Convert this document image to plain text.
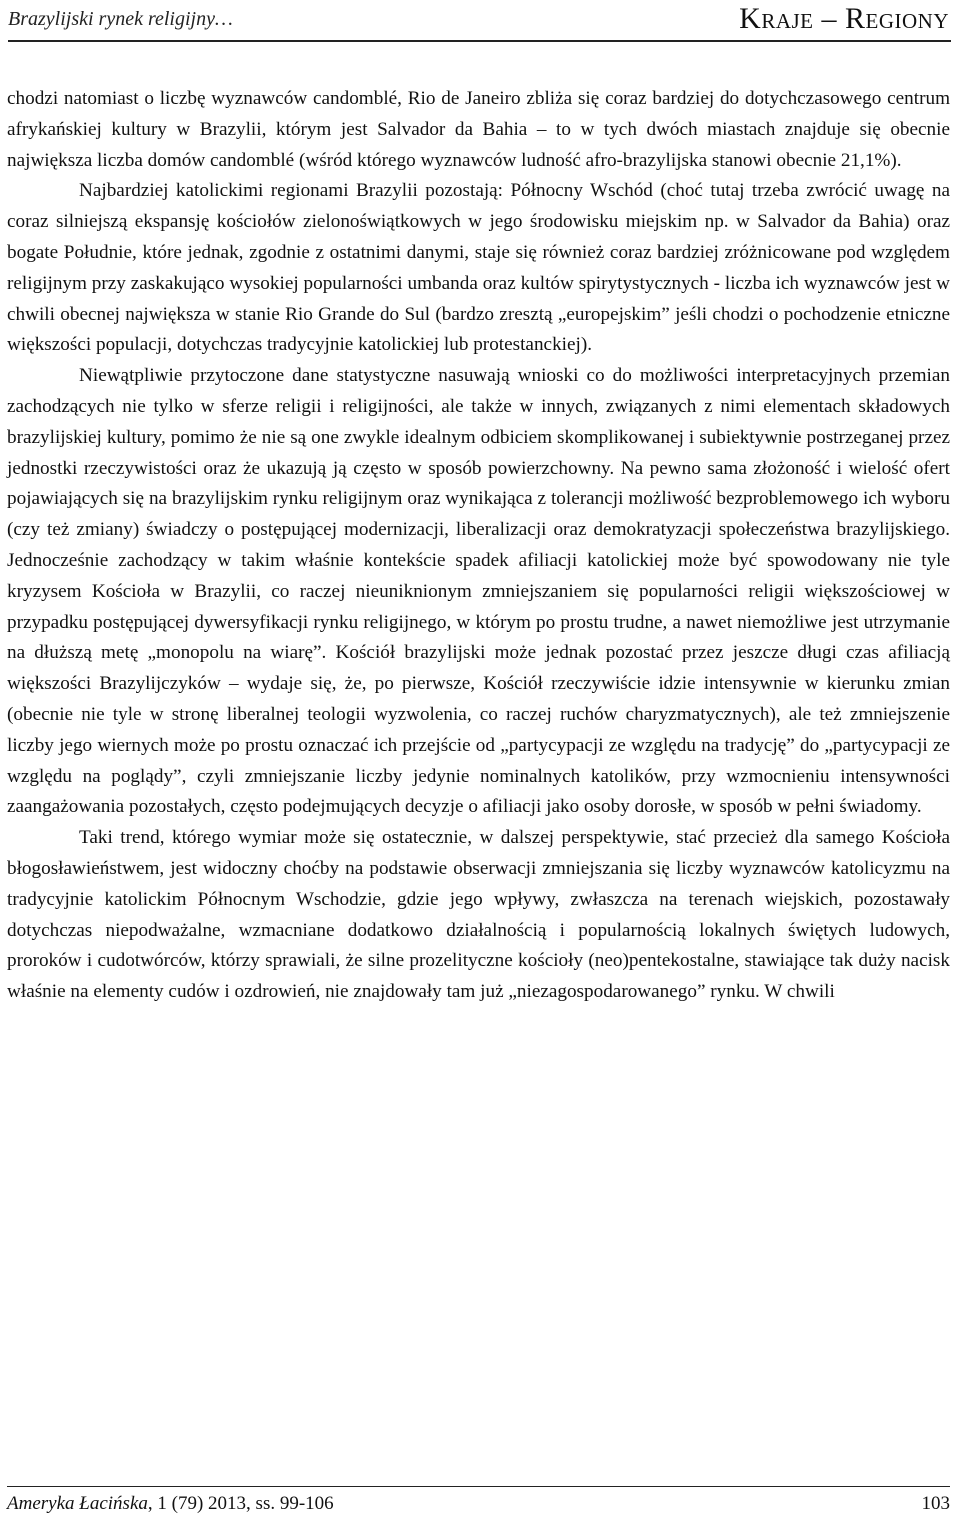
Brazylijski rynek religijny…	Kraje – Regiony

chodzi natomiast o liczbę wyznawców candomblé, Rio de Janeiro zbliża się coraz bardziej do dotychczasowego centrum afrykańskiej kultury w Brazylii, którym jest Salvador da Bahia – to w tych dwóch miastach znajduje się obecnie największa liczba domów candomblé (wśród którego wyznawców ludność afro-brazylijska stanowi obecnie 21,1%).

Najbardziej katolickimi regionami Brazylii pozostają: Północny Wschód (choć tutaj trzeba zwrócić uwagę na coraz silniejszą ekspansję kościołów zielonoświątkowych w jego środowisku miejskim np. w Salvador da Bahia) oraz bogate Południe, które jednak, zgodnie z ostatnimi danymi, staje się również coraz bardziej zróżnicowane pod względem religijnym przy zaskakująco wysokiej popularności umbanda oraz kultów spirytystycznych - liczba ich wyznawców jest w chwili obecnej największa w stanie Rio Grande do Sul (bardzo zresztą „europejskim” jeśli chodzi o pochodzenie etniczne większości populacji, dotychczas tradycyjnie katolickiej lub protestanckiej).

Niewątpliwie przytoczone dane statystyczne nasuwają wnioski co do możliwości interpretacyjnych przemian zachodzących nie tylko w sferze religii i religijności, ale także w innych, związanych z nimi elementach składowych brazylijskiej kultury, pomimo że nie są one zwykle idealnym odbiciem skomplikowanej i subiektywnie postrzeganej przez jednostki rzeczywistości oraz że ukazują ją często w sposób powierzchowny. Na pewno sama złożoność i wielość ofert pojawiających się na brazylijskim rynku religijnym oraz wynikająca z tolerancji możliwość bezproblemowego ich wyboru (czy też zmiany) świadczy o postępującej modernizacji, liberalizacji oraz demokratyzacji społeczeństwa brazylijskiego. Jednocześnie zachodzący w takim właśnie kontekście spadek afiliacji katolickiej może być spowodowany nie tyle kryzysem Kościoła w Brazylii, co raczej nieuniknionym zmniejszaniem się popularności religii większościowej w przypadku postępującej dywersyfikacji rynku religijnego, w którym po prostu trudne, a nawet niemożliwe jest utrzymanie na dłuższą metę „monopolu na wiarę”. Kościół brazylijski może jednak pozostać przez jeszcze długi czas afiliacją większości Brazylijczyków – wydaje się, że, po pierwsze, Kościół rzeczywiście idzie intensywnie w kierunku zmian (obecnie nie tyle w stronę liberalnej teologii wyzwolenia, co raczej ruchów charyzmatycznych), ale też zmniejszenie liczby jego wiernych może po prostu oznaczać ich przejście od „partycypacji ze względu na tradycję” do „partycypacji ze względu na poglądy”, czyli zmniejszanie liczby jedynie nominalnych katolików, przy wzmocnieniu intensywności zaangażowania pozostałych, często podejmujących decyzje o afiliacji jako osoby dorosłe, w sposób w pełni świadomy.

Taki trend, którego wymiar może się ostatecznie, w dalszej perspektywie, stać przecież dla samego Kościoła błogosławieństwem, jest widoczny choćby na podstawie obserwacji zmniejszania się liczby wyznawców katolicyzmu na tradycyjnie katolickim Północnym Wschodzie, gdzie jego wpływy, zwłaszcza na terenach wiejskich, pozostawały dotychczas niepodważalne, wzmacniane dodatkowo działalnością i popularnością lokalnych świętych ludowych, proroków i cudotwórców, którzy sprawiali, że silne prozelityczne kościoły (neo)pentekostalne, stawiające tak duży nacisk właśnie na elementy cudów i ozdrowień, nie znajdowały tam już „niezagospodarowanego” rynku. W chwili

Ameryka Łacińska, 1 (79) 2013, ss. 99-106	103
